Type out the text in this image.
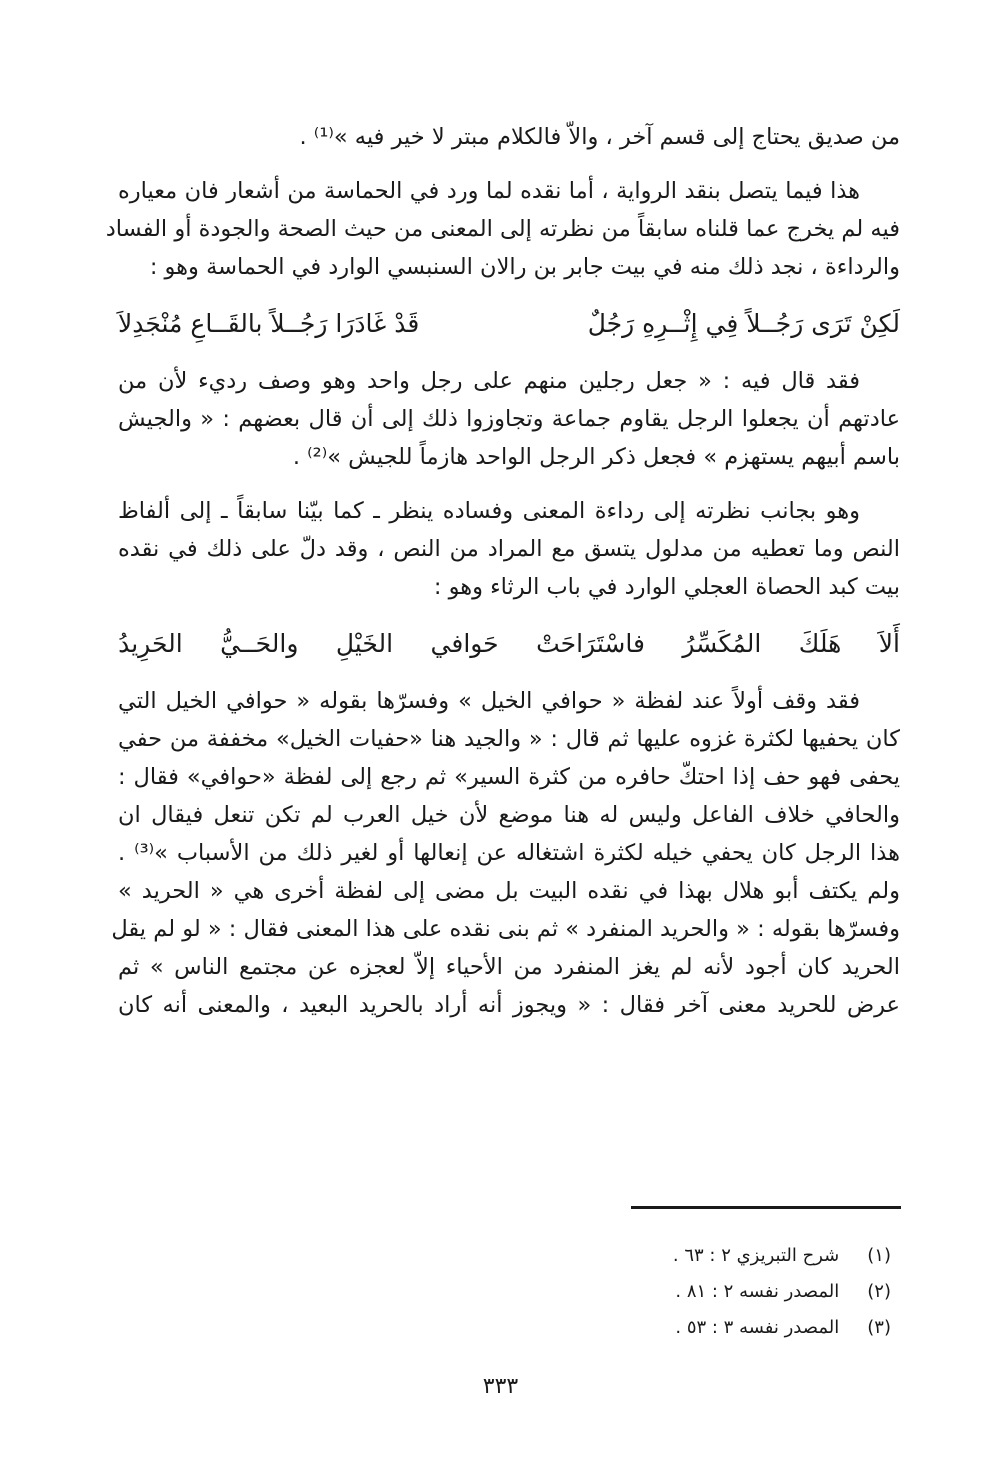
من صديق يحتاج إلى قسم آخر ، والاّ فالكلام مبتر لا خير فيه »⁽¹⁾ .
هذا فيما يتصل بنقد الرواية ، أما نقده لما ورد في الحماسة من أشعار فان معياره
فيه لم يخرج عما قلناه سابقاً من نظرته إلى المعنى من حيث الصحة والجودة أو الفساد
والرداءة ، نجد ذلك منه في بيت جابر بن رالان السنبسي الوارد في الحماسة وهو :
لَكِنْ تَرَى رَجُــلاً فِي إِثْــرِهِ رَجُلٌ
قَدْ غَادَرَا رَجُــلاً بالقَــاعِ مُنْجَدِلاَ
فقد قال فيه : « جعل رجلين منهم على رجل واحد وهو وصف رديء لأن من
عادتهم أن يجعلوا الرجل يقاوم جماعة وتجاوزوا ذلك إلى أن قال بعضهم : « والجيش
باسم أبيهم يستهزم » فجعل ذكر الرجل الواحد هازماً للجيش »⁽²⁾ .
وهو بجانب نظرته إلى رداءة المعنى وفساده ينظر ـ كما بيّنا سابقاً ـ إلى ألفاظ
النص وما تعطيه من مدلول يتسق مع المراد من النص ، وقد دلّ على ذلك في نقده
بيت كبد الحصاة العجلي الوارد في باب الرثاء وهو :
أَلاَ
هَلَكَ
المُكَسِّرُ
فاسْتَرَاحَتْ
حَوافي
الخَيْلِ
والحَــيُّ
الحَرِيدُ
فقد وقف أولاً عند لفظة « حوافي الخيل » وفسرّها بقوله « حوافي الخيل التي
كان يحفيها لكثرة غزوه عليها ثم قال : « والجيد هنا «حفيات الخيل» مخففة من حفي
يحفى فهو حف إذا احتكّ حافره من كثرة السير» ثم رجع إلى لفظة «حوافي» فقال :
والحافي خلاف الفاعل وليس له هنا موضع لأن خيل العرب لم تكن تنعل فيقال ان
هذا الرجل كان يحفي خيله لكثرة اشتغاله عن إنعالها أو لغير ذلك من الأسباب »⁽³⁾ .
ولم يكتف أبو هلال بهذا في نقده البيت بل مضى إلى لفظة أخرى هي « الحريد »
وفسرّها بقوله : « والحريد المنفرد » ثم بنى نقده على هذا المعنى فقال : « لو لم يقل
الحريد كان أجود لأنه لم يغز المنفرد من الأحياء إلاّ لعجزه عن مجتمع الناس » ثم
عرض للحريد معنى آخر فقال : « ويجوز أنه أراد بالحريد البعيد ، والمعنى أنه كان
(١) شرح التبريزي ٢ : ٦٣ .
(٢) المصدر نفسه ٢ : ٨١ .
(٣) المصدر نفسه ٣ : ٥٣ .
٣٣٣
